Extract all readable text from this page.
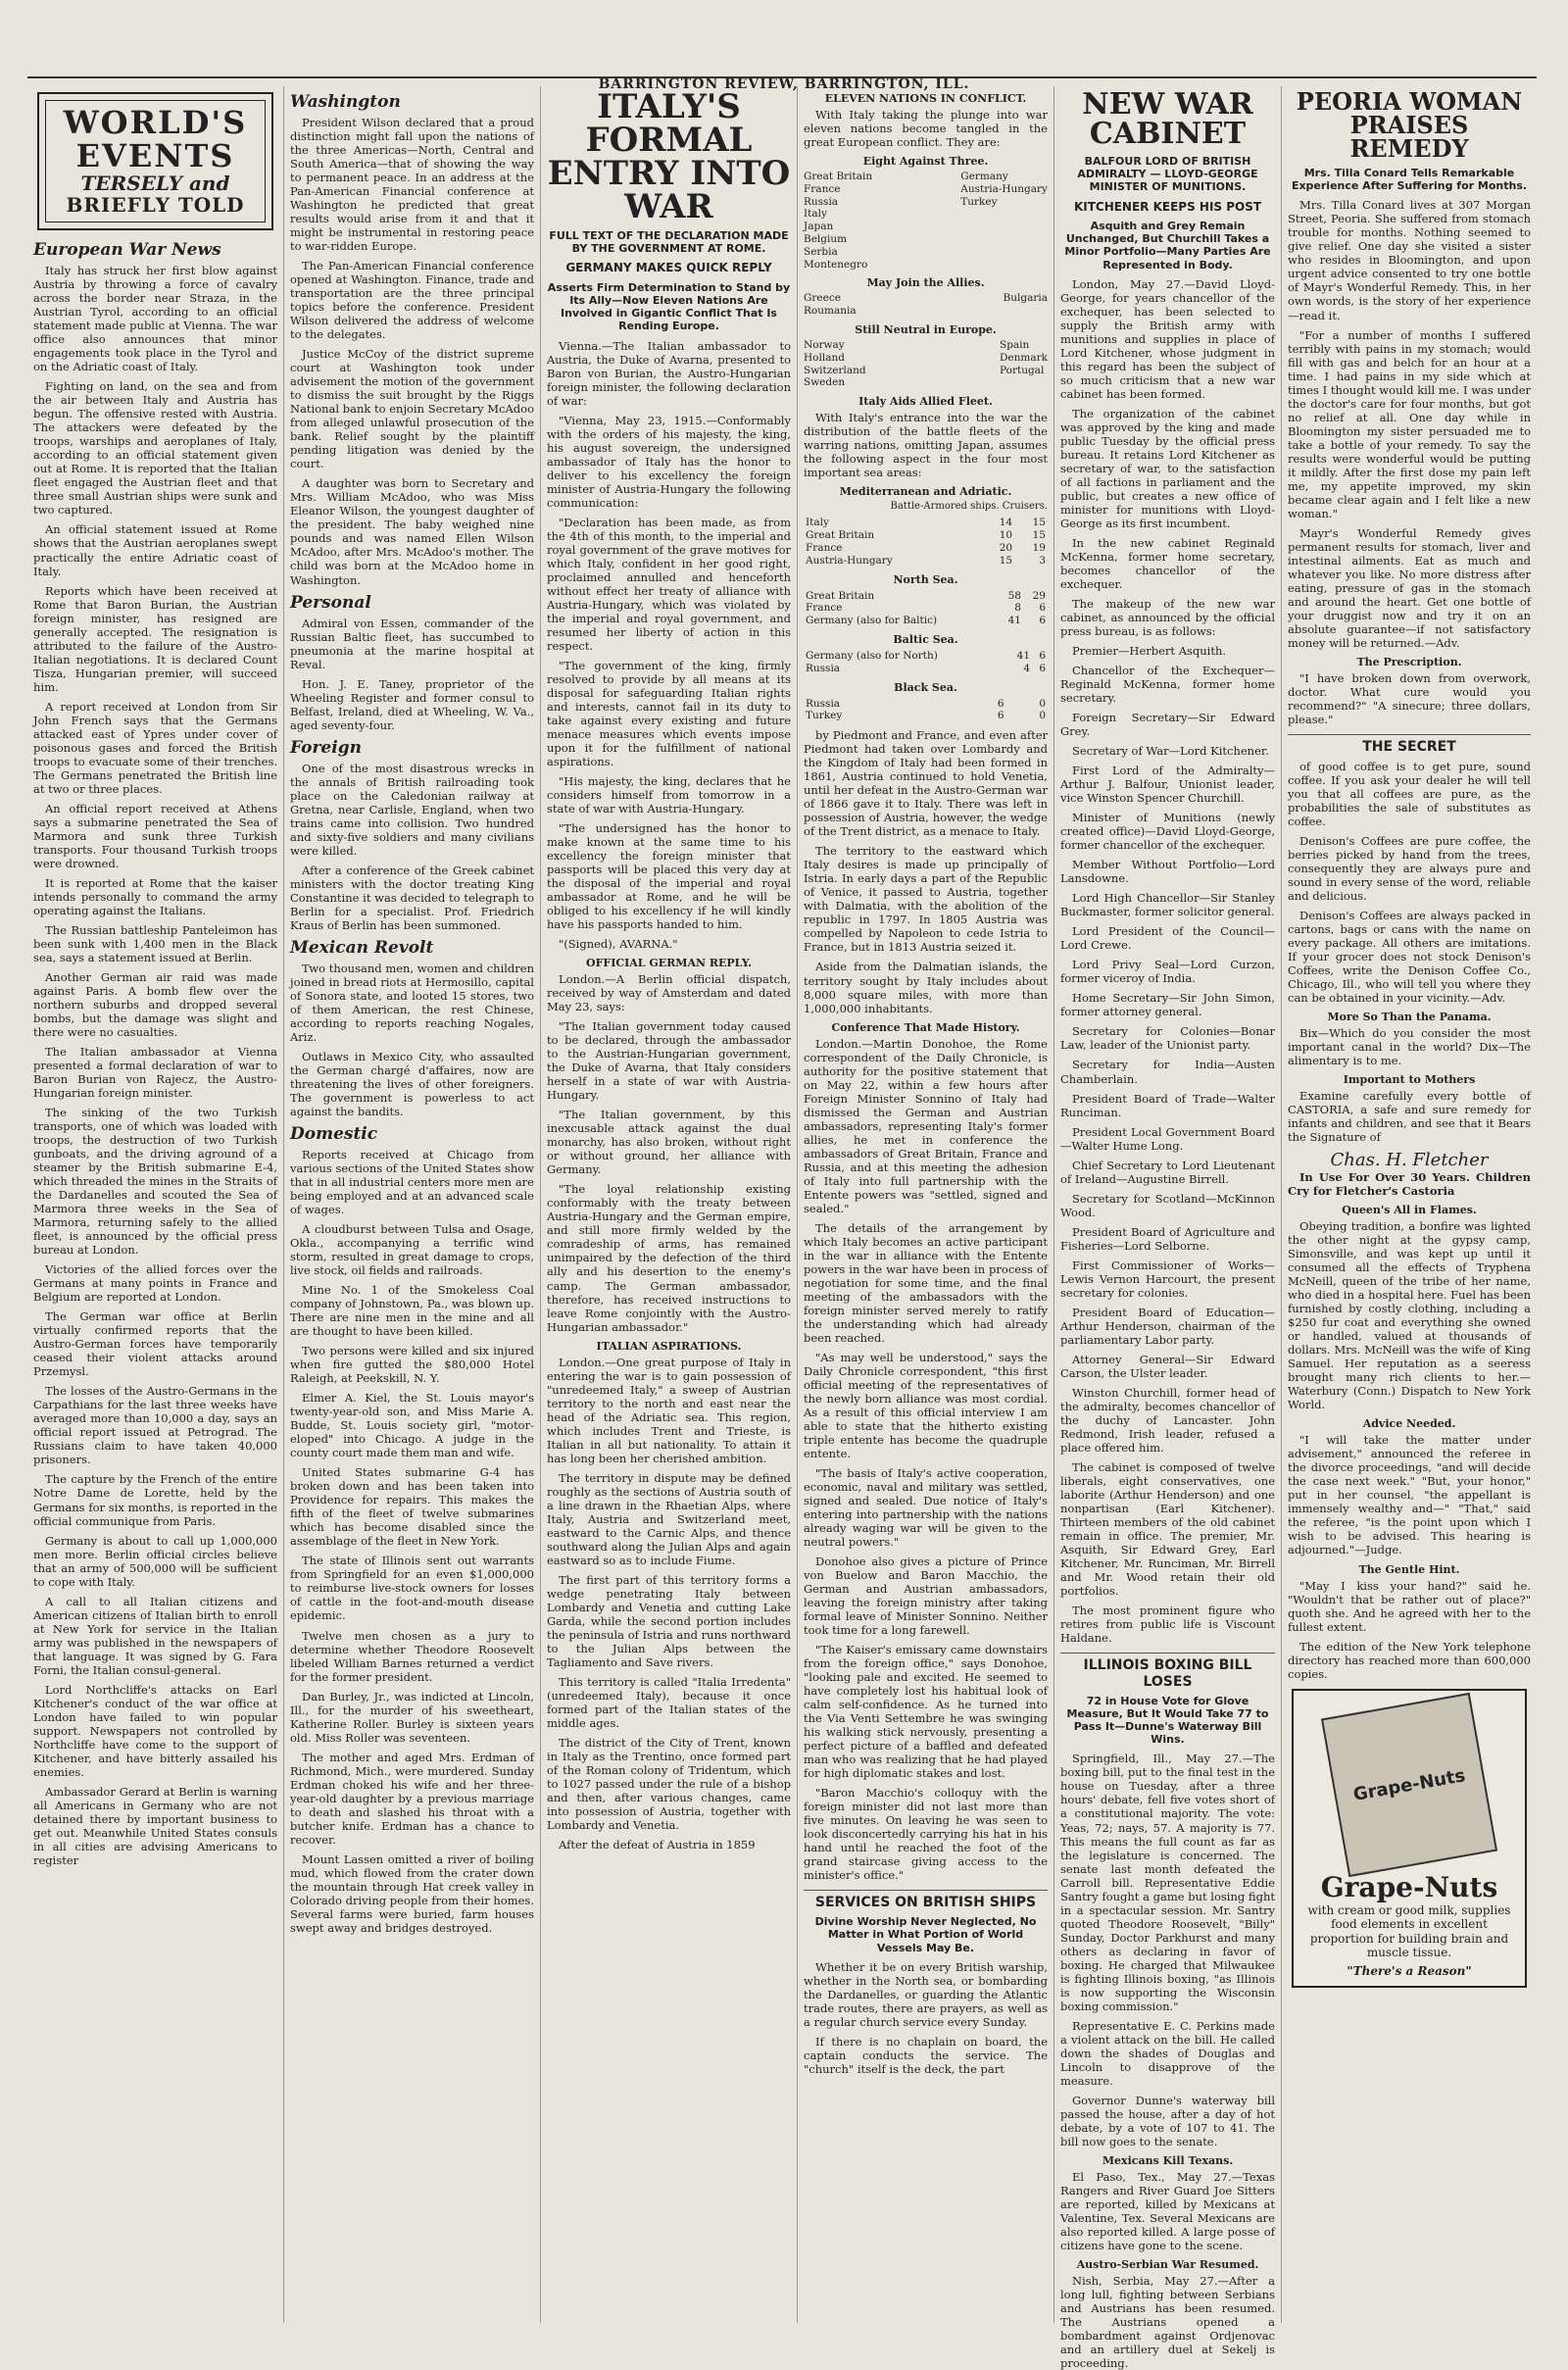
BARRINGTON REVIEW, BARRINGTON, ILL.
WORLD'S
EVENTS
TERSELY and
BRIEFLY TOLD
European War News

Italy has struck her first blow against Austria by throwing a force of cavalry across the border near Straza, in the Austrian Tyrol, according to an official statement made public at Vienna. The war office also announces that minor engagements took place in the Tyrol and on the Adriatic coast of Italy.

Fighting on land, on the sea and from the air between Italy and Austria has begun. The offensive rested with Austria. The attackers were defeated by the troops, warships and aeroplanes of Italy, according to an official statement given out at Rome. It is reported that the Italian fleet engaged the Austrian fleet and that three small Austrian ships were sunk and two captured.

An official statement issued at Rome shows that the Austrian aeroplanes swept practically the entire Adriatic coast of Italy.

Reports which have been received at Rome that Baron Burian, the Austrian foreign minister, has resigned are generally accepted. The resignation is attributed to the failure of the Austro-Italian negotiations. It is declared Count Tisza, Hungarian premier, will succeed him.

A report received at London from Sir John French says that the Germans attacked east of Ypres under cover of poisonous gases and forced the British troops to evacuate some of their trenches. The Germans penetrated the British line at two or three places.

An official report received at Athens says a submarine penetrated the Sea of Marmora and sunk three Turkish transports. Four thousand Turkish troops were drowned.

It is reported at Rome that the kaiser intends personally to command the army operating against the Italians.

The Russian battleship Panteleimon has been sunk with 1,400 men in the Black sea, says a statement issued at Berlin.

Another German air raid was made against Paris. A bomb flew over the northern suburbs and dropped several bombs, but the damage was slight and there were no casualties.

The Italian ambassador at Vienna presented a formal declaration of war to Baron Burian von Rajecz, the Austro-Hungarian foreign minister.

The sinking of the two Turkish transports, one of which was loaded with troops, the destruction of two Turkish gunboats, and the driving aground of a steamer by the British submarine E-4, which threaded the mines in the Straits of the Dardanelles and scouted the Sea of Marmora three weeks in the Sea of Marmora, returning safely to the allied fleet, is announced by the official press bureau at London.

Victories of the allied forces over the Germans at many points in France and Belgium are reported at London.

The German war office at Berlin virtually confirmed reports that the Austro-German forces have temporarily ceased their violent attacks around Przemysl.

The losses of the Austro-Germans in the Carpathians for the last three weeks have averaged more than 10,000 a day, says an official report issued at Petrograd. The Russians claim to have taken 40,000 prisoners.

The capture by the French of the entire Notre Dame de Lorette, held by the Germans for six months, is reported in the official communique from Paris.

Germany is about to call up 1,000,000 men more. Berlin official circles believe that an army of 500,000 will be sufficient to cope with Italy.

A call to all Italian citizens and American citizens of Italian birth to enroll at New York for service in the Italian army was published in the newspapers of that language. It was signed by G. Fara Forni, the Italian consul-general.

Lord Northcliffe's attacks on Earl Kitchener's conduct of the war office at London have failed to win popular support. Newspapers not controlled by Northcliffe have come to the support of Kitchener, and have bitterly assailed his enemies.

Ambassador Gerard at Berlin is warning all Americans in Germany who are not detained there by important business to get out. Meanwhile United States consuls in all cities are advising Americans to register

Washington

President Wilson declared that a proud distinction might fall upon the nations of the three Americas—North, Central and South America—that of showing the way to permanent peace. In an address at the Pan-American Financial conference at Washington he predicted that great results would arise from it and that it might be instrumental in restoring peace to war-ridden Europe.

The Pan-American Financial conference opened at Washington. Finance, trade and transportation are the three principal topics before the conference. President Wilson delivered the address of welcome to the delegates.

Justice McCoy of the district supreme court at Washington took under advisement the motion of the government to dismiss the suit brought by the Riggs National bank to enjoin Secretary McAdoo from alleged unlawful prosecution of the bank. Relief sought by the plaintiff pending litigation was denied by the court.

A daughter was born to Secretary and Mrs. William McAdoo, who was Miss Eleanor Wilson, the youngest daughter of the president. The baby weighed nine pounds and was named Ellen Wilson McAdoo, after Mrs. McAdoo's mother. The child was born at the McAdoo home in Washington.

Personal

Admiral von Essen, commander of the Russian Baltic fleet, has succumbed to pneumonia at the marine hospital at Reval.

Hon. J. E. Taney, proprietor of the Wheeling Register and former consul to Belfast, Ireland, died at Wheeling, W. Va., aged seventy-four.

Foreign

One of the most disastrous wrecks in the annals of British railroading took place on the Caledonian railway at Gretna, near Carlisle, England, when two trains came into collision. Two hundred and sixty-five soldiers and many civilians were killed.

After a conference of the Greek cabinet ministers with the doctor treating King Constantine it was decided to telegraph to Berlin for a specialist. Prof. Friedrich Kraus of Berlin has been summoned.

Mexican Revolt

Two thousand men, women and children joined in bread riots at Hermosillo, capital of Sonora state, and looted 15 stores, two of them American, the rest Chinese, according to reports reaching Nogales, Ariz.

Outlaws in Mexico City, who assaulted the German chargé d'affaires, now are threatening the lives of other foreigners. The government is powerless to act against the bandits.

Domestic

Reports received at Chicago from various sections of the United States show that in all industrial centers more men are being employed and at an advanced scale of wages.

A cloudburst between Tulsa and Osage, Okla., accompanying a terrific wind storm, resulted in great damage to crops, live stock, oil fields and railroads.

Mine No. 1 of the Smokeless Coal company of Johnstown, Pa., was blown up. There are nine men in the mine and all are thought to have been killed.

Two persons were killed and six injured when fire gutted the $80,000 Hotel Raleigh, at Peekskill, N. Y.

Elmer A. Kiel, the St. Louis mayor's twenty-year-old son, and Miss Marie A. Budde, St. Louis society girl, "motor-eloped" into Chicago. A judge in the county court made them man and wife.

United States submarine G-4 has broken down and has been taken into Providence for repairs. This makes the fifth of the fleet of twelve submarines which has become disabled since the assemblage of the fleet in New York.

The state of Illinois sent out warrants from Springfield for an even $1,000,000 to reimburse live-stock owners for losses of cattle in the foot-and-mouth disease epidemic.

Twelve men chosen as a jury to determine whether Theodore Roosevelt libeled William Barnes returned a verdict for the former president.

Dan Burley, Jr., was indicted at Lincoln, Ill., for the murder of his sweetheart, Katherine Roller. Burley is sixteen years old. Miss Roller was seventeen.

The mother and aged Mrs. Erdman of Richmond, Mich., were murdered. Sunday Erdman choked his wife and her three-year-old daughter by a previous marriage to death and slashed his throat with a butcher knife. Erdman has a chance to recover.

Mount Lassen omitted a river of boiling mud, which flowed from the crater down the mountain through Hat creek valley in Colorado driving people from their homes. Several farms were buried, farm houses swept away and bridges destroyed.

ITALY'S FORMAL ENTRY INTO WAR
FULL TEXT OF THE DECLARATION MADE BY THE GOVERNMENT AT ROME.
GERMANY MAKES QUICK REPLY
Asserts Firm Determination to Stand by Its Ally—Now Eleven Nations Are Involved in Gigantic Conflict That Is Rending Europe.

Vienna.—The Italian ambassador to Austria, the Duke of Avarna, presented to Baron von Burian, the Austro-Hungarian foreign minister, the following declaration of war:

"Vienna, May 23, 1915.—Conformably with the orders of his majesty, the king, his august sovereign, the undersigned ambassador of Italy has the honor to deliver to his excellency the foreign minister of Austria-Hungary the following communication:

"Declaration has been made, as from the 4th of this month, to the imperial and royal government of the grave motives for which Italy, confident in her good right, proclaimed annulled and henceforth without effect her treaty of alliance with Austria-Hungary, which was violated by the imperial and royal government, and resumed her liberty of action in this respect.

"The government of the king, firmly resolved to provide by all means at its disposal for safeguarding Italian rights and interests, cannot fail in its duty to take against every existing and future menace measures which events impose upon it for the fulfillment of national aspirations.

"His majesty, the king, declares that he considers himself from tomorrow in a state of war with Austria-Hungary.

"The undersigned has the honor to make known at the same time to his excellency the foreign minister that passports will be placed this very day at the disposal of the imperial and royal ambassador at Rome, and he will be obliged to his excellency if he will kindly have his passports handed to him.

"(Signed), AVARNA."

OFFICIAL GERMAN REPLY.

London.—A Berlin official dispatch, received by way of Amsterdam and dated May 23, says:

"The Italian government today caused to be declared, through the ambassador to the Austrian-Hungarian government, the Duke of Avarna, that Italy considers herself in a state of war with Austria-Hungary.

"The Italian government, by this inexcusable attack against the dual monarchy, has also broken, without right or without ground, her alliance with Germany.

"The loyal relationship existing conformably with the treaty between Austria-Hungary and the German empire, and still more firmly welded by the comradeship of arms, has remained unimpaired by the defection of the third ally and his desertion to the enemy's camp. The German ambassador, therefore, has received instructions to leave Rome conjointly with the Austro-Hungarian ambassador."

ITALIAN ASPIRATIONS.

London.—One great purpose of Italy in entering the war is to gain possession of "unredeemed Italy," a sweep of Austrian territory to the north and east near the head of the Adriatic sea. This region, which includes Trent and Trieste, is Italian in all but nationality. To attain it has long been her cherished ambition.

The territory in dispute may be defined roughly as the sections of Austria south of a line drawn in the Rhaetian Alps, where Italy, Austria and Switzerland meet, eastward to the Carnic Alps, and thence southward along the Julian Alps and again eastward so as to include Fiume.

The first part of this territory forms a wedge penetrating Italy between Lombardy and Venetia and cutting Lake Garda, while the second portion includes the peninsula of Istria and runs northward to the Julian Alps between the Tagliamento and Save rivers.

This territory is called "Italia Irredenta" (unredeemed Italy), because it once formed part of the Italian states of the middle ages.

The district of the City of Trent, known in Italy as the Trentino, once formed part of the Roman colony of Tridentum, which to 1027 passed under the rule of a bishop and then, after various changes, came into possession of Austria, together with Lombardy and Venetia.

After the defeat of Austria in 1859

ELEVEN NATIONS IN CONFLICT.

With Italy taking the plunge into war eleven nations become tangled in the great European conflict. They are:

Eight Against Three.
Great Britain
France
Russia
Italy
Japan
Belgium
Serbia
Montenegro
Germany
Austria-Hungary
Turkey
May Join the Allies.
Greece
Roumania
Bulgaria
Still Neutral in Europe.
Norway
Holland
Switzerland
Sweden
Spain
Denmark
Portugal
Italy Aids Allied Fleet.

With Italy's entrance into the war the distribution of the battle fleets of the warring nations, omitting Japan, assumes the following aspect in the four most important sea areas:

Mediterranean and Adriatic.
Battle-Armored ships. Cruisers.
Italy	14	15
Great Britain	10	15
France	20	19
Austria-Hungary	15	3
North Sea.
Great Britain	58	29
France	8	6
Germany (also for Baltic)	41	6
Baltic Sea.
Germany (also for North)	41	6
Russia	4	6
Black Sea.
Russia	6	0
Turkey	6	0

by Piedmont and France, and even after Piedmont had taken over Lombardy and the Kingdom of Italy had been formed in 1861, Austria continued to hold Venetia, until her defeat in the Austro-German war of 1866 gave it to Italy. There was left in possession of Austria, however, the wedge of the Trent district, as a menace to Italy.

The territory to the eastward which Italy desires is made up principally of Istria. In early days a part of the Republic of Venice, it passed to Austria, together with Dalmatia, with the abolition of the republic in 1797. In 1805 Austria was compelled by Napoleon to cede Istria to France, but in 1813 Austria seized it.

Aside from the Dalmatian islands, the territory sought by Italy includes about 8,000 square miles, with more than 1,000,000 inhabitants.

Conference That Made History.

London.—Martin Donohoe, the Rome correspondent of the Daily Chronicle, is authority for the positive statement that on May 22, within a few hours after Foreign Minister Sonnino of Italy had dismissed the German and Austrian ambassadors, representing Italy's former allies, he met in conference the ambassadors of Great Britain, France and Russia, and at this meeting the adhesion of Italy into full partnership with the Entente powers was "settled, signed and sealed."

The details of the arrangement by which Italy becomes an active participant in the war in alliance with the Entente powers in the war have been in process of negotiation for some time, and the final meeting of the ambassadors with the foreign minister served merely to ratify the understanding which had already been reached.

"As may well be understood," says the Daily Chronicle correspondent, "this first official meeting of the representatives of the newly born alliance was most cordial. As a result of this official interview I am able to state that the hitherto existing triple entente has become the quadruple entente.

"The basis of Italy's active cooperation, economic, naval and military was settled, signed and sealed. Due notice of Italy's entering into partnership with the nations already waging war will be given to the neutral powers."

Donohoe also gives a picture of Prince von Buelow and Baron Macchio, the German and Austrian ambassadors, leaving the foreign ministry after taking formal leave of Minister Sonnino. Neither took time for a long farewell.

"The Kaiser's emissary came downstairs from the foreign office," says Donohoe, "looking pale and excited. He seemed to have completely lost his habitual look of calm self-confidence. As he turned into the Via Venti Settembre he was swinging his walking stick nervously, presenting a perfect picture of a baffled and defeated man who was realizing that he had played for high diplomatic stakes and lost.

"Baron Macchio's colloquy with the foreign minister did not last more than five minutes. On leaving he was seen to look disconcertedly carrying his hat in his hand until he reached the foot of the grand staircase giving access to the minister's office."

SERVICES ON BRITISH SHIPS
Divine Worship Never Neglected, No Matter in What Portion of World Vessels May Be.

Whether it be on every British warship, whether in the North sea, or bombarding the Dardanelles, or guarding the Atlantic trade routes, there are prayers, as well as a regular church service every Sunday.

If there is no chaplain on board, the captain conducts the service. The "church" itself is the deck, the part

NEW WAR CABINET
BALFOUR LORD OF BRITISH ADMIRALTY — LLOYD-GEORGE MINISTER OF MUNITIONS.
KITCHENER KEEPS HIS POST
Asquith and Grey Remain Unchanged, But Churchill Takes a Minor Portfolio—Many Parties Are Represented in Body.

London, May 27.—David Lloyd-George, for years chancellor of the exchequer, has been selected to supply the British army with munitions and supplies in place of Lord Kitchener, whose judgment in this regard has been the subject of so much criticism that a new war cabinet has been formed.

The organization of the cabinet was approved by the king and made public Tuesday by the official press bureau. It retains Lord Kitchener as secretary of war, to the satisfaction of all factions in parliament and the public, but creates a new office of minister for munitions with Lloyd-George as its first incumbent.

In the new cabinet Reginald McKenna, former home secretary, becomes chancellor of the exchequer.

The makeup of the new war cabinet, as announced by the official press bureau, is as follows:

Premier—Herbert Asquith.

Chancellor of the Exchequer—Reginald McKenna, former home secretary.

Foreign Secretary—Sir Edward Grey.

Secretary of War—Lord Kitchener.

First Lord of the Admiralty—Arthur J. Balfour, Unionist leader, vice Winston Spencer Churchill.

Minister of Munitions (newly created office)—David Lloyd-George, former chancellor of the exchequer.

Member Without Portfolio—Lord Lansdowne.

Lord High Chancellor—Sir Stanley Buckmaster, former solicitor general.

Lord President of the Council—Lord Crewe.

Lord Privy Seal—Lord Curzon, former viceroy of India.

Home Secretary—Sir John Simon, former attorney general.

Secretary for Colonies—Bonar Law, leader of the Unionist party.

Secretary for India—Austen Chamberlain.

President Board of Trade—Walter Runciman.

President Local Government Board—Walter Hume Long.

Chief Secretary to Lord Lieutenant of Ireland—Augustine Birrell.

Secretary for Scotland—McKinnon Wood.

President Board of Agriculture and Fisheries—Lord Selborne.

First Commissioner of Works—Lewis Vernon Harcourt, the present secretary for colonies.

President Board of Education—Arthur Henderson, chairman of the parliamentary Labor party.

Attorney General—Sir Edward Carson, the Ulster leader.

Winston Churchill, former head of the admiralty, becomes chancellor of the duchy of Lancaster. John Redmond, Irish leader, refused a place offered him.

The cabinet is composed of twelve liberals, eight conservatives, one laborite (Arthur Henderson) and one nonpartisan (Earl Kitchener). Thirteen members of the old cabinet remain in office. The premier, Mr. Asquith, Sir Edward Grey, Earl Kitchener, Mr. Runciman, Mr. Birrell and Mr. Wood retain their old portfolios.

The most prominent figure who retires from public life is Viscount Haldane.

ILLINOIS BOXING BILL LOSES
72 in House Vote for Glove Measure, But It Would Take 77 to Pass It—Dunne's Waterway Bill Wins.

Springfield, Ill., May 27.—The boxing bill, put to the final test in the house on Tuesday, after a three hours' debate, fell five votes short of a constitutional majority. The vote: Yeas, 72; nays, 57. A majority is 77. This means the full count as far as the legislature is concerned. The senate last month defeated the Carroll bill. Representative Eddie Santry fought a game but losing fight in a spectacular session. Mr. Santry quoted Theodore Roosevelt, "Billy" Sunday, Doctor Parkhurst and many others as declaring in favor of boxing. He charged that Milwaukee is fighting Illinois boxing, "as Illinois is now supporting the Wisconsin boxing commission."

Representative E. C. Perkins made a violent attack on the bill. He called down the shades of Douglas and Lincoln to disapprove of the measure.

Governor Dunne's waterway bill passed the house, after a day of hot debate, by a vote of 107 to 41. The bill now goes to the senate.

Mexicans Kill Texans.

El Paso, Tex., May 27.—Texas Rangers and River Guard Joe Sitters are reported, killed by Mexicans at Valentine, Tex. Several Mexicans are also reported killed. A large posse of citizens have gone to the scene.

Austro-Serbian War Resumed.

Nish, Serbia, May 27.—After a long lull, fighting between Serbians and Austrians has been resumed. The Austrians opened a bombardment against Ordjenovac and an artillery duel at Sekelj is proceeding.

PEORIA WOMAN PRAISES REMEDY
Mrs. Tilla Conard Tells Remarkable Experience After Suffering for Months.

Mrs. Tilla Conard lives at 307 Morgan Street, Peoria. She suffered from stomach trouble for months. Nothing seemed to give relief. One day she visited a sister who resides in Bloomington, and upon urgent advice consented to try one bottle of Mayr's Wonderful Remedy. This, in her own words, is the story of her experience —read it.

"For a number of months I suffered terribly with pains in my stomach; would fill with gas and belch for an hour at a time. I had pains in my side which at times I thought would kill me. I was under the doctor's care for four months, but got no relief at all. One day while in Bloomington my sister persuaded me to take a bottle of your remedy. To say the results were wonderful would be putting it mildly. After the first dose my pain left me, my appetite improved, my skin became clear again and I felt like a new woman."

Mayr's Wonderful Remedy gives permanent results for stomach, liver and intestinal ailments. Eat as much and whatever you like. No more distress after eating, pressure of gas in the stomach and around the heart. Get one bottle of your druggist now and try it on an absolute guarantee—if not satisfactory money will be returned.—Adv.

The Prescription.

"I have broken down from overwork, doctor. What cure would you recommend?" "A sinecure; three dollars, please."

THE SECRET

of good coffee is to get pure, sound coffee. If you ask your dealer he will tell you that all coffees are pure, as the probabilities the sale of substitutes as coffee.

Denison's Coffees are pure coffee, the berries picked by hand from the trees, consequently they are always pure and sound in every sense of the word, reliable and delicious.

Denison's Coffees are always packed in cartons, bags or cans with the name on every package. All others are imitations. If your grocer does not stock Denison's Coffees, write the Denison Coffee Co., Chicago, Ill., who will tell you where they can be obtained in your vicinity.—Adv.

More So Than the Panama.

Bix—Which do you consider the most important canal in the world? Dix—The alimentary is to me.

Important to Mothers

Examine carefully every bottle of CASTORIA, a safe and sure remedy for infants and children, and see that it Bears the Signature of

Chas. H. Fletcher

In Use For Over 30 Years. Children Cry for Fletcher's Castoria

Queen's All in Flames.

Obeying tradition, a bonfire was lighted the other night at the gypsy camp, Simonsville, and was kept up until it consumed all the effects of Tryphena McNeill, queen of the tribe of her name, who died in a hospital here. Fuel has been furnished by costly clothing, including a $250 fur coat and everything she owned or handled, valued at thousands of dollars. Mrs. McNeill was the wife of King Samuel. Her reputation as a seeress brought many rich clients to her.—Waterbury (Conn.) Dispatch to New York World.

Advice Needed.

"I will take the matter under advisement," announced the referee in the divorce proceedings, "and will decide the case next week." "But, your honor," put in her counsel, "the appellant is immensely wealthy and—" "That," said the referee, "is the point upon which I wish to be advised. This hearing is adjourned."—Judge.

The Gentle Hint.

"May I kiss your hand?" said he. "Wouldn't that be rather out of place?" quoth she. And he agreed with her to the fullest extent.

The edition of the New York telephone directory has reached more than 600,000 copies.

Grape-Nuts
Grape-Nuts
with cream or good milk, supplies food elements in excellent proportion for building brain and muscle tissue.
"There's a Reason"
